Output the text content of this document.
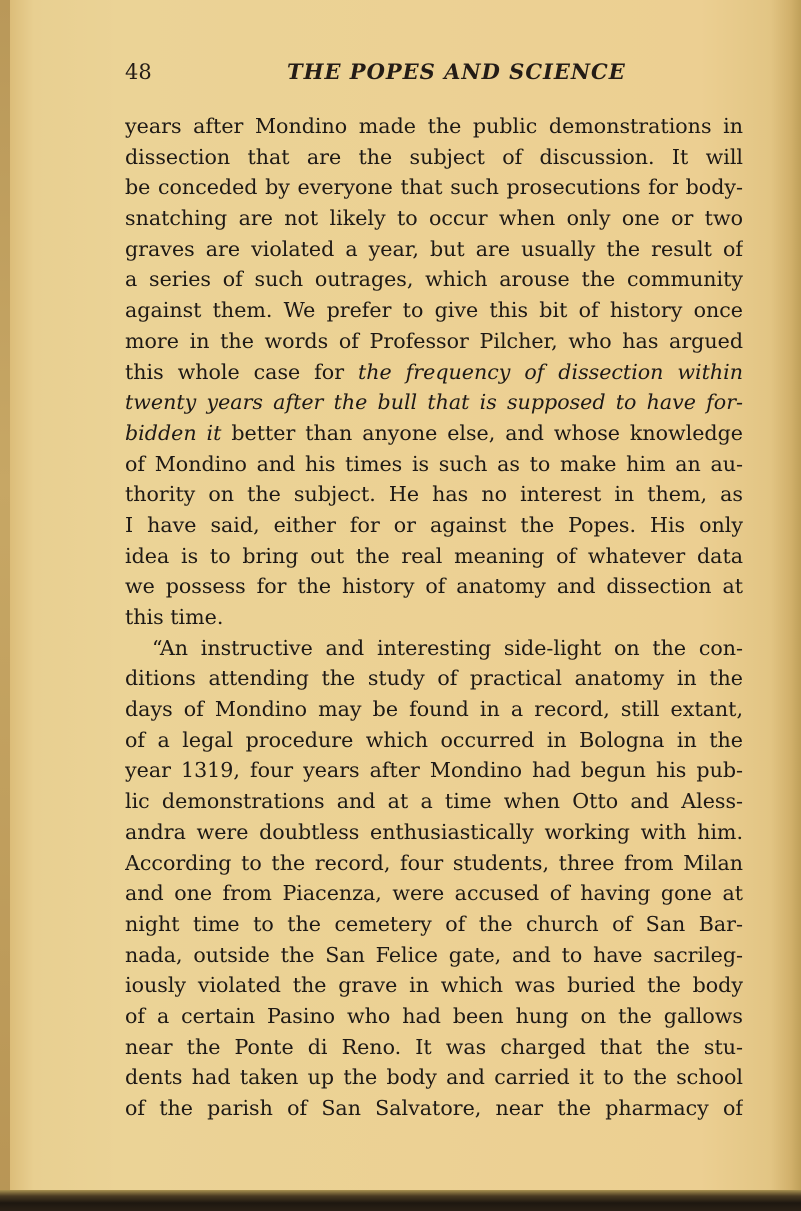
48	THE POPES AND SCIENCE
years after Mondino made the public demonstrations in
dissection that are the subject of discussion. It will
be conceded by everyone that such prosecutions for body-
snatching are not likely to occur when only one or two
graves are violated a year, but are usually the result of
a series of such outrages, which arouse the community
against them. We prefer to give this bit of history once
more in the words of Professor Pilcher, who has argued
this whole case for the frequency of dissection within
twenty years after the bull that is supposed to have for-
bidden it better than anyone else, and whose knowledge
of Mondino and his times is such as to make him an au-
thority on the subject. He has no interest in them, as
I have said, either for or against the Popes. His only
idea is to bring out the real meaning of whatever data
we possess for the history of anatomy and dissection at
this time.
“An instructive and interesting side-light on the con-
ditions attending the study of practical anatomy in the
days of Mondino may be found in a record, still extant,
of a legal procedure which occurred in Bologna in the
year 1319, four years after Mondino had begun his pub-
lic demonstrations and at a time when Otto and Aless-
andra were doubtless enthusiastically working with him.
According to the record, four students, three from Milan
and one from Piacenza, were accused of having gone at
night time to the cemetery of the church of San Bar-
nada, outside the San Felice gate, and to have sacrileg-
iously violated the grave in which was buried the body
of a certain Pasino who had been hung on the gallows
near the Ponte di Reno. It was charged that the stu-
dents had taken up the body and carried it to the school
of the parish of San Salvatore, near the pharmacy of
